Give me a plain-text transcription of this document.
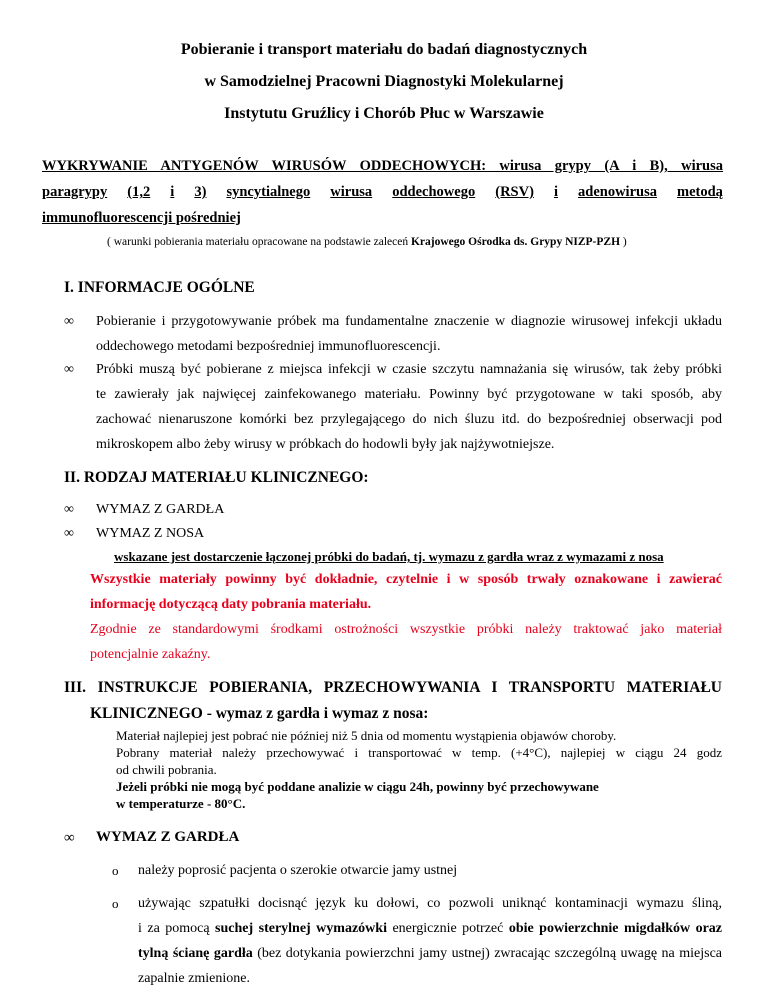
Pobieranie i transport materiału do badań diagnostycznych
w Samodzielnej Pracowni Diagnostyki Molekularnej
Instytutu Gruźlicy i Chorób Płuc w Warszawie
WYKRYWANIE ANTYGENÓW WIRUSÓW ODDECHOWYCH: wirusa grypy (A i B), wirusa
paragrypy (1,2 i 3) syncytialnego wirusa oddechowego (RSV) i adenowirusa metodą
immunofluorescencji pośredniej
( warunki pobierania materiału opracowane na podstawie zaleceń Krajowego Ośrodka ds. Grypy NIZP-PZH )
I. INFORMACJE OGÓLNE
∞ Pobieranie i przygotowywanie próbek ma fundamentalne znaczenie w diagnozie wirusowej infekcji układu
oddechowego metodami bezpośredniej immunofluorescencji.
∞ Próbki muszą być pobierane z miejsca infekcji w czasie szczytu namnażania się wirusów, tak żeby próbki
te zawierały jak najwięcej zainfekowanego materiału. Powinny być przygotowane w taki sposób, aby
zachować nienaruszone komórki bez przylegającego do nich śluzu itd. do bezpośredniej obserwacji pod
mikroskopem albo żeby wirusy w próbkach do hodowli były jak najżywotniejsze.
II. RODZAJ MATERIAŁU KLINICZNEGO:
∞ WYMAZ Z GARDŁA
∞ WYMAZ Z NOSA
wskazane jest dostarczenie łączonej próbki do badań, tj. wymazu z gardła wraz z wymazami z nosa
Wszystkie materiały powinny być dokładnie, czytelnie i w sposób trwały oznakowane i zawierać
informację dotyczącą daty pobrania materiału.
Zgodnie ze standardowymi środkami ostrożności wszystkie próbki należy traktować jako materiał
potencjalnie zakaźny.
III. INSTRUKCJE POBIERANIA, PRZECHOWYWANIA I TRANSPORTU MATERIAŁU
KLINICZNEGO - wymaz z gardła i wymaz z nosa:
Materiał najlepiej jest pobrać nie później niż 5 dnia od momentu wystąpienia objawów choroby.
Pobrany materiał należy przechowywać i transportować w temp. (+4°C), najlepiej w ciągu 24 godz
od chwili pobrania.
Jeżeli próbki nie mogą być poddane analizie w ciągu 24h, powinny być przechowywane
w temperaturze - 80°C.
∞ WYMAZ Z GARDŁA
o należy poprosić pacjenta o szerokie otwarcie jamy ustnej
o używając szpatułki docisnąć język ku dołowi, co pozwoli uniknąć kontaminacji wymazu śliną,
i za pomocą suchej sterylnej wymazówki energicznie potrzeć obie powierzchnie migdałków oraz
tylną ścianę gardła (bez dotykania powierzchni jamy ustnej) zwracając szczególną uwagę na miejsca
zapalnie zmienione.
